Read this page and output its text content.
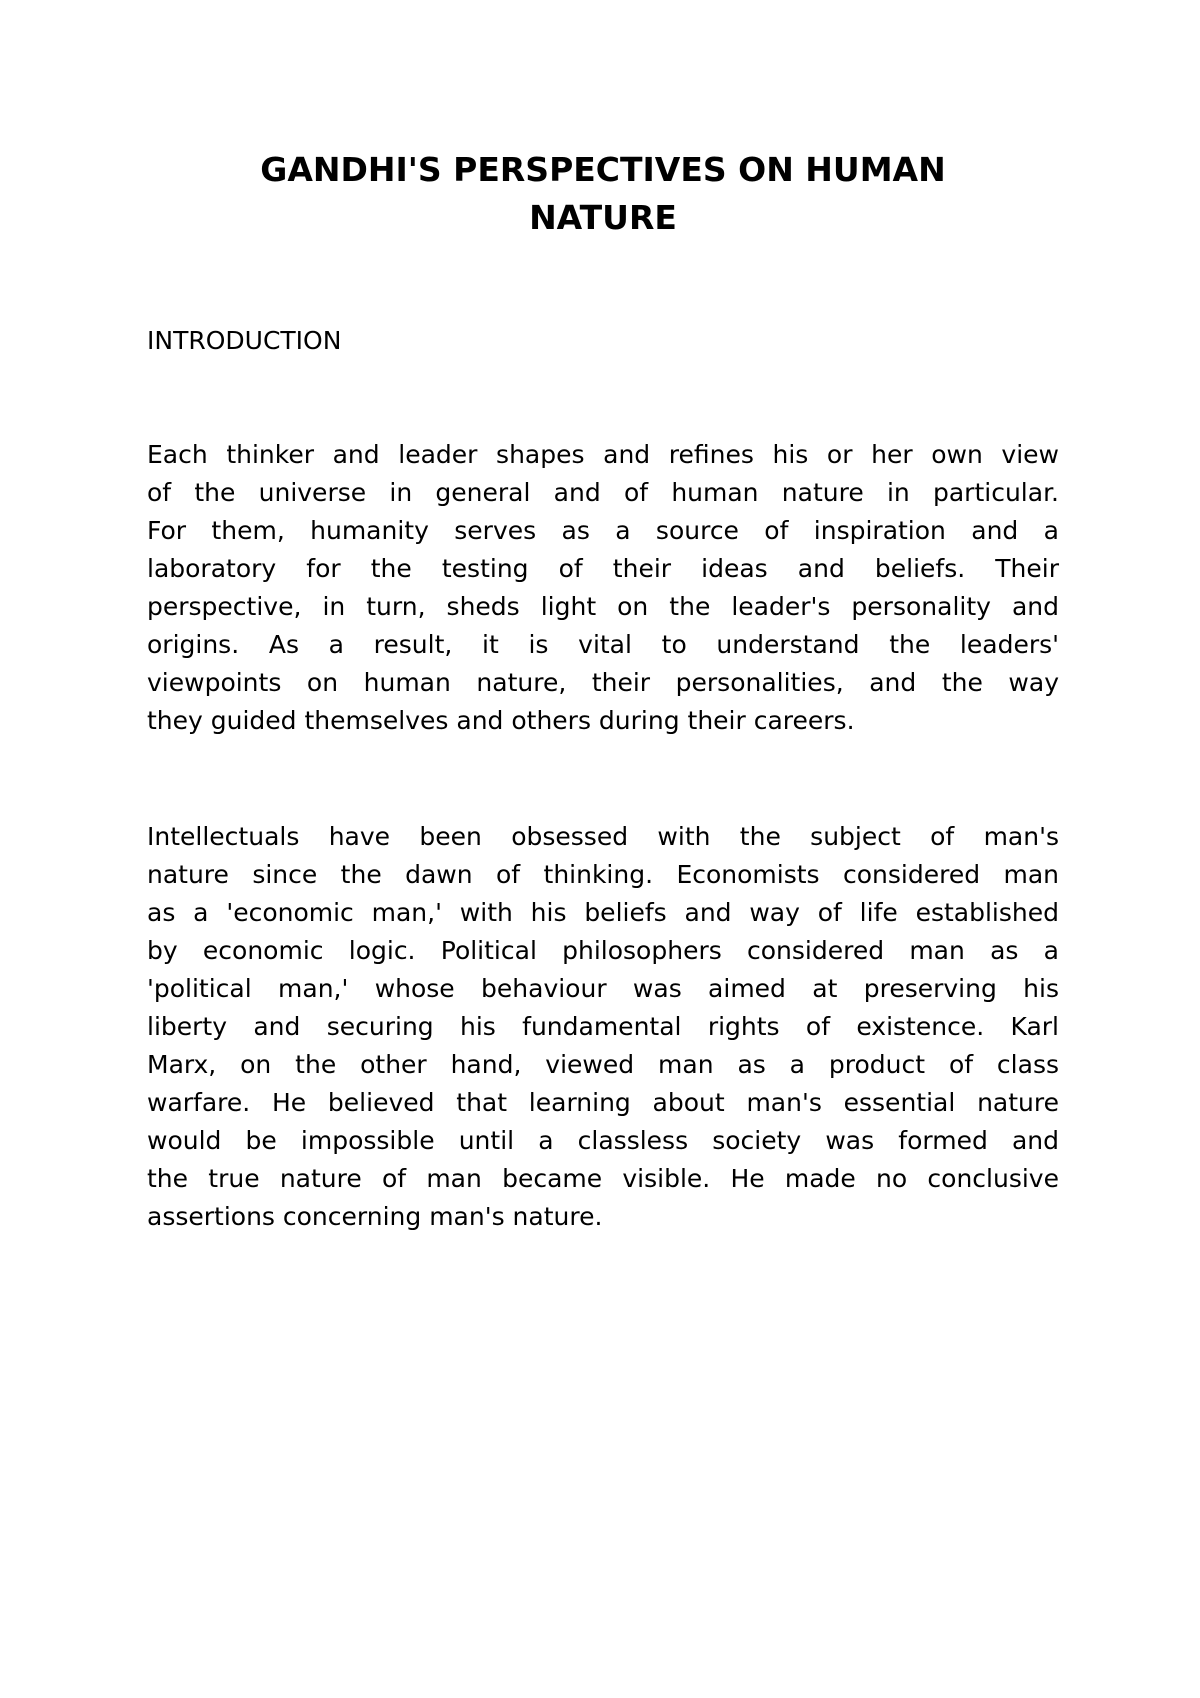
GANDHI'S PERSPECTIVES ON HUMAN
NATURE
INTRODUCTION

Each thinker and leader shapes and refines his or her own view
of the universe in general and of human nature in particular.
For them, humanity serves as a source of inspiration and a
laboratory for the testing of their ideas and beliefs. Their
perspective, in turn, sheds light on the leader's personality and
origins. As a result, it is vital to understand the leaders'
viewpoints on human nature, their personalities, and the way
they guided themselves and others during their careers.

Intellectuals have been obsessed with the subject of man's
nature since the dawn of thinking. Economists considered man
as a 'economic man,' with his beliefs and way of life established
by economic logic. Political philosophers considered man as a
'political man,' whose behaviour was aimed at preserving his
liberty and securing his fundamental rights of existence. Karl
Marx, on the other hand, viewed man as a product of class
warfare. He believed that learning about man's essential nature
would be impossible until a classless society was formed and
the true nature of man became visible. He made no conclusive
assertions concerning man's nature.
